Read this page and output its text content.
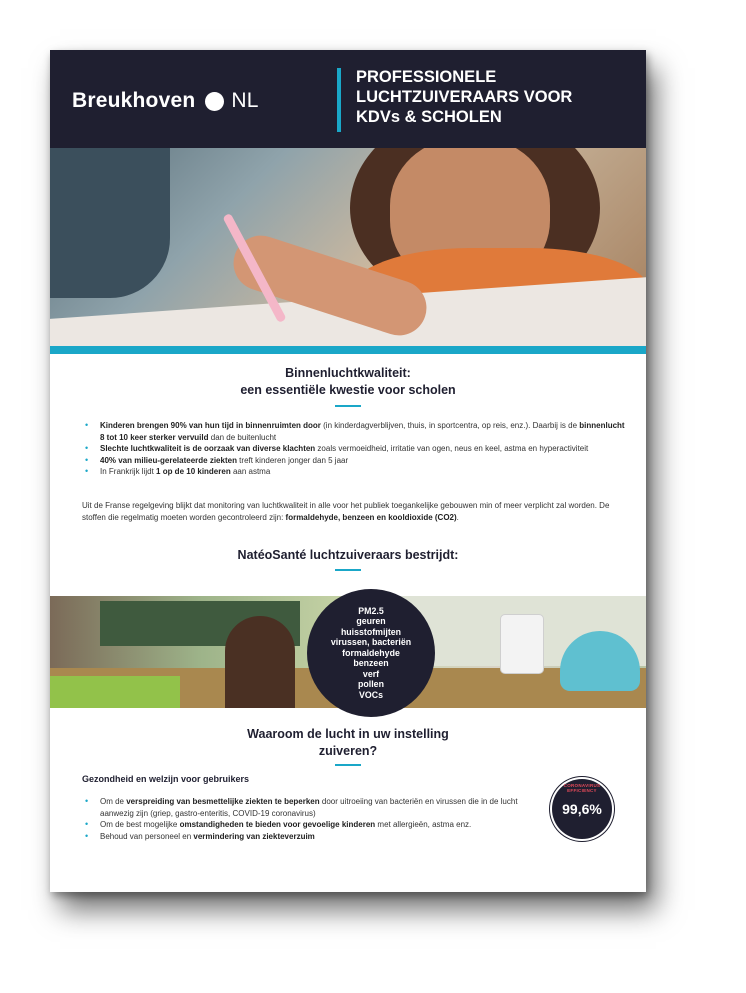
Breukhoven NL
PROFESSIONELE
LUCHTZUIVERAARS VOOR
KDVs & SCHOLEN
Binnenluchtkwaliteit:
een essentiële kwestie voor scholen
• Kinderen brengen 90% van hun tijd in binnenruimten door (in kinderdagverblijven, thuis, in sportcentra, op reis, enz.). Daarbij is de binnenlucht 8 tot 10 keer sterker vervuild dan de buitenlucht
• Slechte luchtkwaliteit is de oorzaak van diverse klachten zoals vermoeidheid, irritatie van ogen, neus en keel, astma en hyperactiviteit
• 40% van milieu-gerelateerde ziekten treft kinderen jonger dan 5 jaar
• In Frankrijk lijdt 1 op de 10 kinderen aan astma

Uit de Franse regelgeving blijkt dat monitoring van luchtkwaliteit in alle voor het publiek toegankelijke gebouwen min of meer verplicht zal worden. De stoffen die regelmatig moeten worden gecontroleerd zijn: formaldehyde, benzeen en kooldioxide (CO2).

NatéoSanté luchtzuiveraars bestrijdt:
PM2.5
geuren
huisstofmijten
virussen, bacteriën
formaldehyde
benzeen
verf
pollen
VOCs
Waaroom de lucht in uw instelling
zuiveren?
Gezondheid en welzijn voor gebruikers
• Om de verspreiding van besmettelijke ziekten te beperken door uitroeiing van bacteriën en virussen die in de lucht aanwezig zijn (griep, gastro-enteritis, COVID-19 coronavirus)
• Om de best mogelijke omstandigheden te bieden voor gevoelige kinderen met allergieën, astma enz.
• Behoud van personeel en vermindering van ziekteverzuim
CORONAVIRUS EFFICIENCY
99,6%
